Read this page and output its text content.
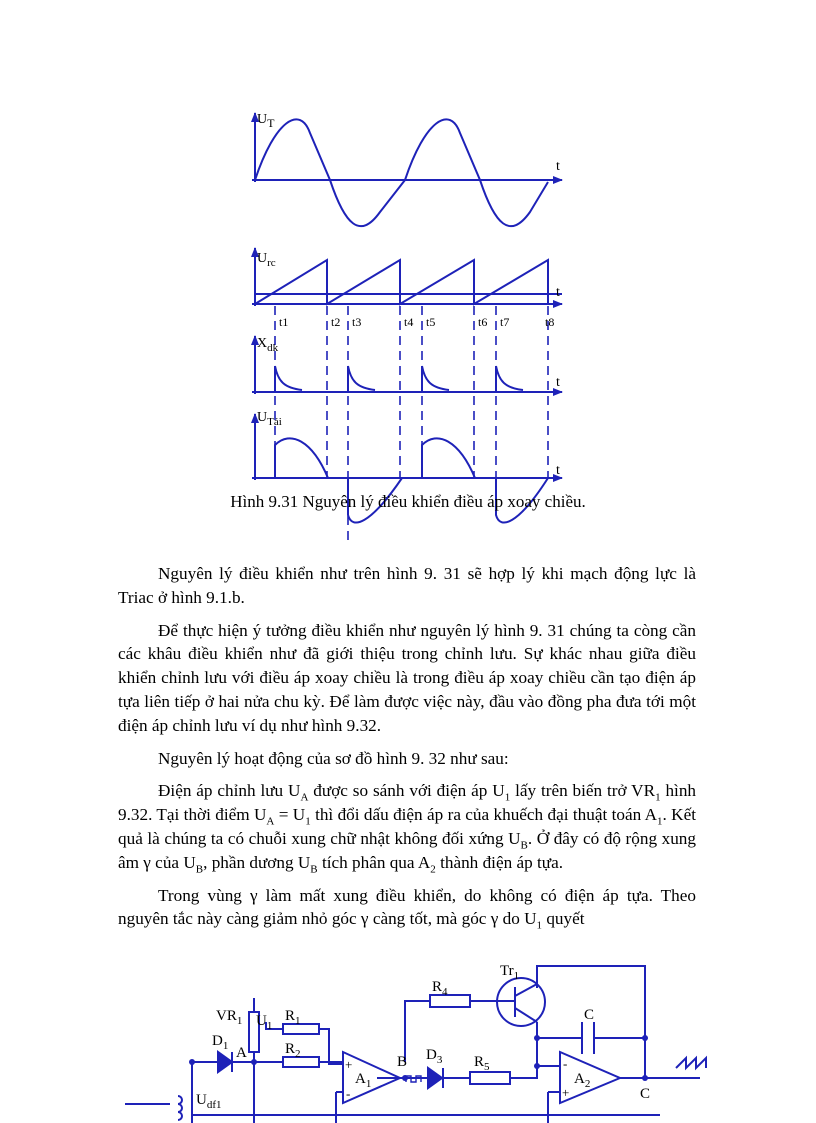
UT
$U_{rc}$
$X_{dk}$
$U_{Tải}$
t
t
t
t
t1	t2 t3	t4 t5	t6 t7	t8
Hình 9.31 Nguyên lý điều khiển điều áp xoay chiều.

Nguyên lý điều khiển như trên hình 9. 31 sẽ hợp lý khi mạch động lực là Triac ở hình 9.1.b.

Để thực hiện ý tưởng điều khiển như nguyên lý hình 9. 31 chúng ta còng cần các khâu điều khiển như đã giới thiệu trong chỉnh lưu. Sự khác nhau giữa điều khiển chỉnh lưu với điều áp xoay chiều là trong điều áp xoay chiều cần tạo điện áp tựa liên tiếp ở hai nửa chu kỳ. Để làm được việc này, đầu vào đồng pha đưa tới một điện áp chỉnh lưu ví dụ như hình 9.32.

Nguyên lý hoạt động của sơ đồ hình 9. 32 như sau:

Điện áp chỉnh lưu $U_A$ được so sánh với điện áp $U_1$ lấy trên biến trở $VR_1$ hình 9.32. Tại thời điểm $U_A = U_1$ thì đổi dấu điện áp ra của khuếch đại thuật toán $A_1$. Kết quả là chúng ta có chuỗi xung chữ nhật không đối xứng $U_B$. Ở đây có độ rộng xung âm γ của $U_B$, phần dương $U_B$ tích phân qua $A_2$ thành điện áp tựa.

Trong vùng γ làm mất xung điều khiển, do không có điện áp tựa. Theo nguyên tắc này càng giảm nhỏ góc γ càng tốt, mà góc γ do $U_1$ quyết

$Tr_1$
$R_4$
C
$VR_1$ $U_1$
$R_1$
$D_1$ A	$R_2$	B $D_3$ $R_5$
$A_1$	$A_2$
C
$U_{df1}$
+
-
-
+
